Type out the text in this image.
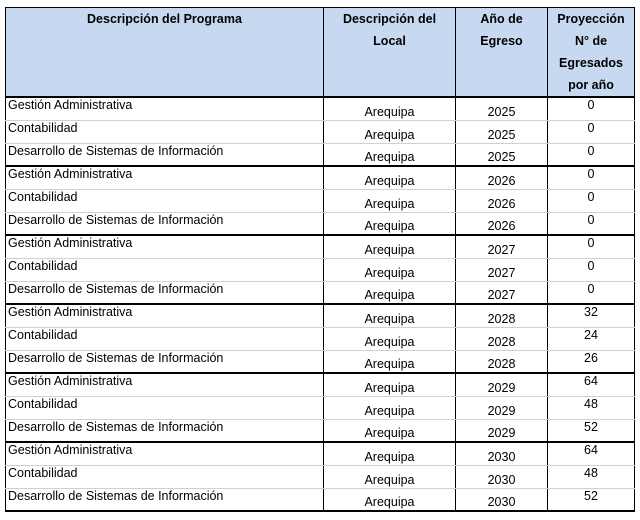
Descripción del Programa	Descripción del Local	Año de Egreso	Proyección N° de Egresados por año
Gestión Administrativa	Arequipa	2025	0
Contabilidad	Arequipa	2025	0
Desarrollo de Sistemas de Información	Arequipa	2025	0
Gestión Administrativa	Arequipa	2026	0
Contabilidad	Arequipa	2026	0
Desarrollo de Sistemas de Información	Arequipa	2026	0
Gestión Administrativa	Arequipa	2027	0
Contabilidad	Arequipa	2027	0
Desarrollo de Sistemas de Información	Arequipa	2027	0
Gestión Administrativa	Arequipa	2028	32
Contabilidad	Arequipa	2028	24
Desarrollo de Sistemas de Información	Arequipa	2028	26
Gestión Administrativa	Arequipa	2029	64
Contabilidad	Arequipa	2029	48
Desarrollo de Sistemas de Información	Arequipa	2029	52
Gestión Administrativa	Arequipa	2030	64
Contabilidad	Arequipa	2030	48
Desarrollo de Sistemas de Información	Arequipa	2030	52
